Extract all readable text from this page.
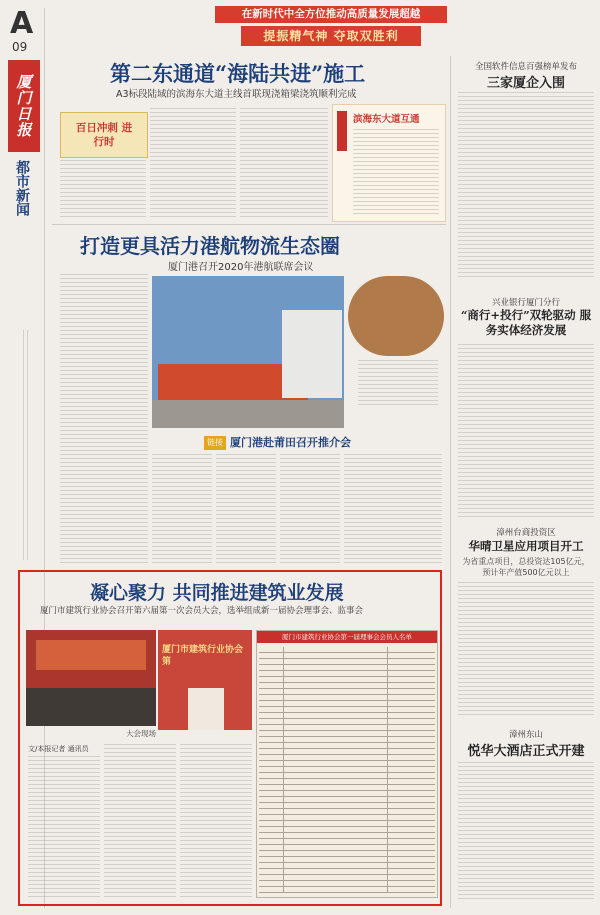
A
09
厦门日报
都市新闻
在新时代中全方位推动高质量发展超越
提振精气神 夺取双胜利
第二东通道“海陆共进”施工
A3标段陆域的滨海东大道主线首联现浇箱梁浇筑顺利完成
百日冲刺 进行时
滨海东大道互通
打造更具活力港航物流生态圈
厦门港召开2020年港航联席会议
链接 厦门港赴莆田召开推介会
全国软件信息百强榜单发布
三家厦企入围
兴业银行厦门分行
“商行+投行”双轮驱动 服务实体经济发展
漳州台商投资区
华晴卫星应用项目开工
为省重点项目，总投资达105亿元，预计年产值500亿元以上
漳州东山
悦华大酒店正式开建
凝心聚力 共同推进建筑业发展
厦门市建筑行业协会召开第六届第一次会员大会，选举组成新一届协会理事会、监事会
大会现场
厦门市建筑行业协会第
厦门市建筑行业协会第一届理事会会员人名单
文/本报记者 通讯员
